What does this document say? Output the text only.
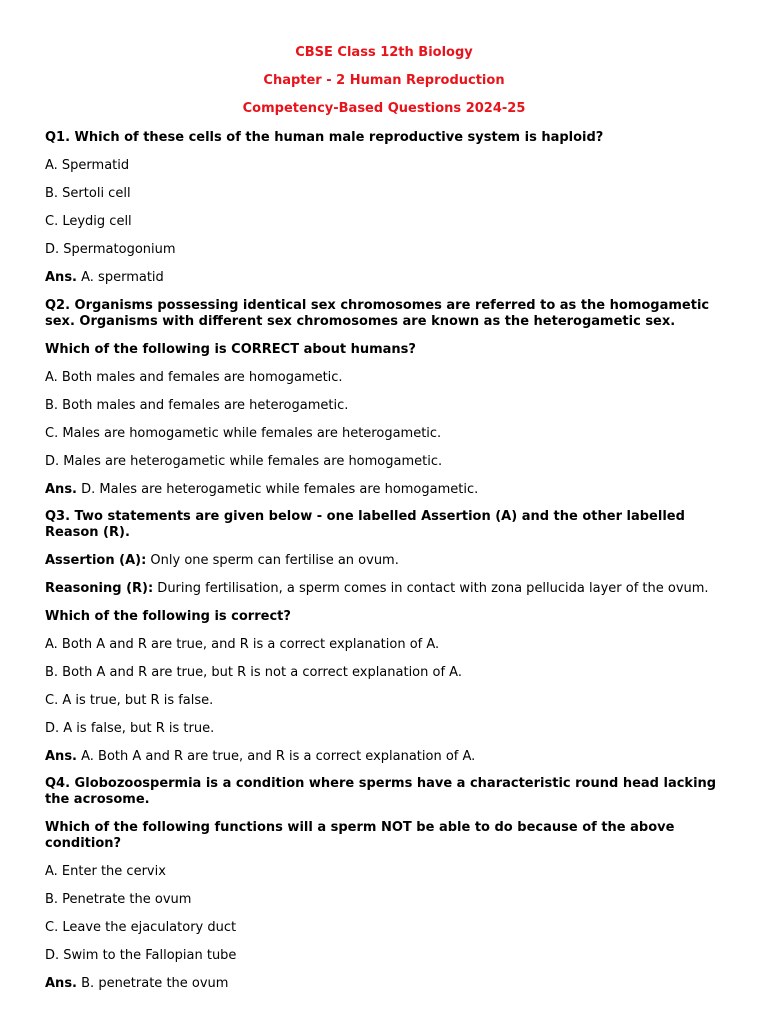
CBSE Class 12th Biology

Chapter - 2 Human Reproduction

Competency-Based Questions 2024-25

Q1. Which of these cells of the human male reproductive system is haploid?

A. Spermatid

B. Sertoli cell

C. Leydig cell

D. Spermatogonium

Ans. A. spermatid

Q2. Organisms possessing identical sex chromosomes are referred to as the homogametic sex. Organisms with different sex chromosomes are known as the heterogametic sex.

Which of the following is CORRECT about humans?

A. Both males and females are homogametic.

B. Both males and females are heterogametic.

C. Males are homogametic while females are heterogametic.

D. Males are heterogametic while females are homogametic.

Ans. D. Males are heterogametic while females are homogametic.

Q3. Two statements are given below - one labelled Assertion (A) and the other labelled Reason (R).

Assertion (A): Only one sperm can fertilise an ovum.

Reasoning (R): During fertilisation, a sperm comes in contact with zona pellucida layer of the ovum.

Which of the following is correct?

A. Both A and R are true, and R is a correct explanation of A.

B. Both A and R are true, but R is not a correct explanation of A.

C. A is true, but R is false.

D. A is false, but R is true.

Ans. A. Both A and R are true, and R is a correct explanation of A.

Q4. Globozoospermia is a condition where sperms have a characteristic round head lacking the acrosome.

Which of the following functions will a sperm NOT be able to do because of the above condition?

A. Enter the cervix

B. Penetrate the ovum

C. Leave the ejaculatory duct

D. Swim to the Fallopian tube

Ans. B. penetrate the ovum
